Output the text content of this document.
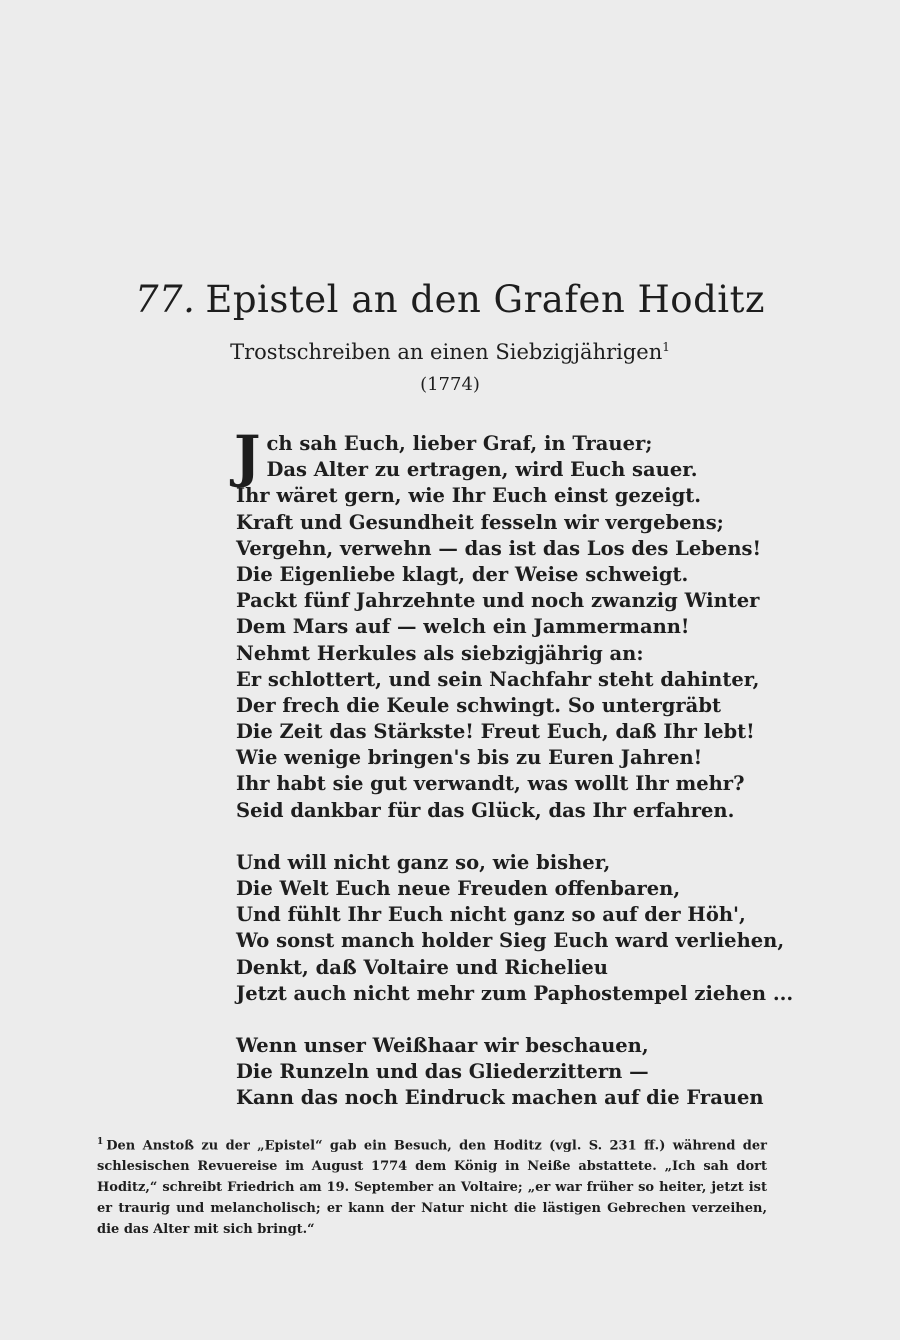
77. Epistel an den Grafen Hoditz
Trostschreiben an einen Siebzigjährigen$^1$
(1774)
Jch sah Euch, lieber Graf, in Trauer;
Das Alter zu ertragen, wird Euch sauer.
Ihr wäret gern, wie Ihr Euch einst gezeigt.
Kraft und Gesundheit fesseln wir vergebens;
Vergehn, verwehn — das ist das Los des Lebens!
Die Eigenliebe klagt, der Weise schweigt.
Packt fünf Jahrzehnte und noch zwanzig Winter
Dem Mars auf — welch ein Jammermann!
Nehmt Herkules als siebzigjährig an:
Er schlottert, und sein Nachfahr steht dahinter,
Der frech die Keule schwingt. So untergräbt
Die Zeit das Stärkste! Freut Euch, daß Ihr lebt!
Wie wenige bringen's bis zu Euren Jahren!
Ihr habt sie gut verwandt, was wollt Ihr mehr?
Seid dankbar für das Glück, das Ihr erfahren.
Und will nicht ganz so, wie bisher,
Die Welt Euch neue Freuden offenbaren,
Und fühlt Ihr Euch nicht ganz so auf der Höh',
Wo sonst manch holder Sieg Euch ward verliehen,
Denkt, daß Voltaire und Richelieu
Jetzt auch nicht mehr zum Paphostempel ziehen ...
Wenn unser Weißhaar wir beschauen,
Die Runzeln und das Gliederzittern —
Kann das noch Eindruck machen auf die Frauen
$^1$ Den Anstoß zu der „Epistel“ gab ein Besuch, den Hoditz (vgl. S. 231 ff.) während der schlesischen Revuereise im August 1774 dem König in Neiße abstattete. „Ich sah dort Hoditz,“ schreibt Friedrich am 19. September an Voltaire; „er war früher so heiter, jetzt ist er traurig und melancholisch; er kann der Natur nicht die lästigen Gebrechen verzeihen, die das Alter mit sich bringt.“
